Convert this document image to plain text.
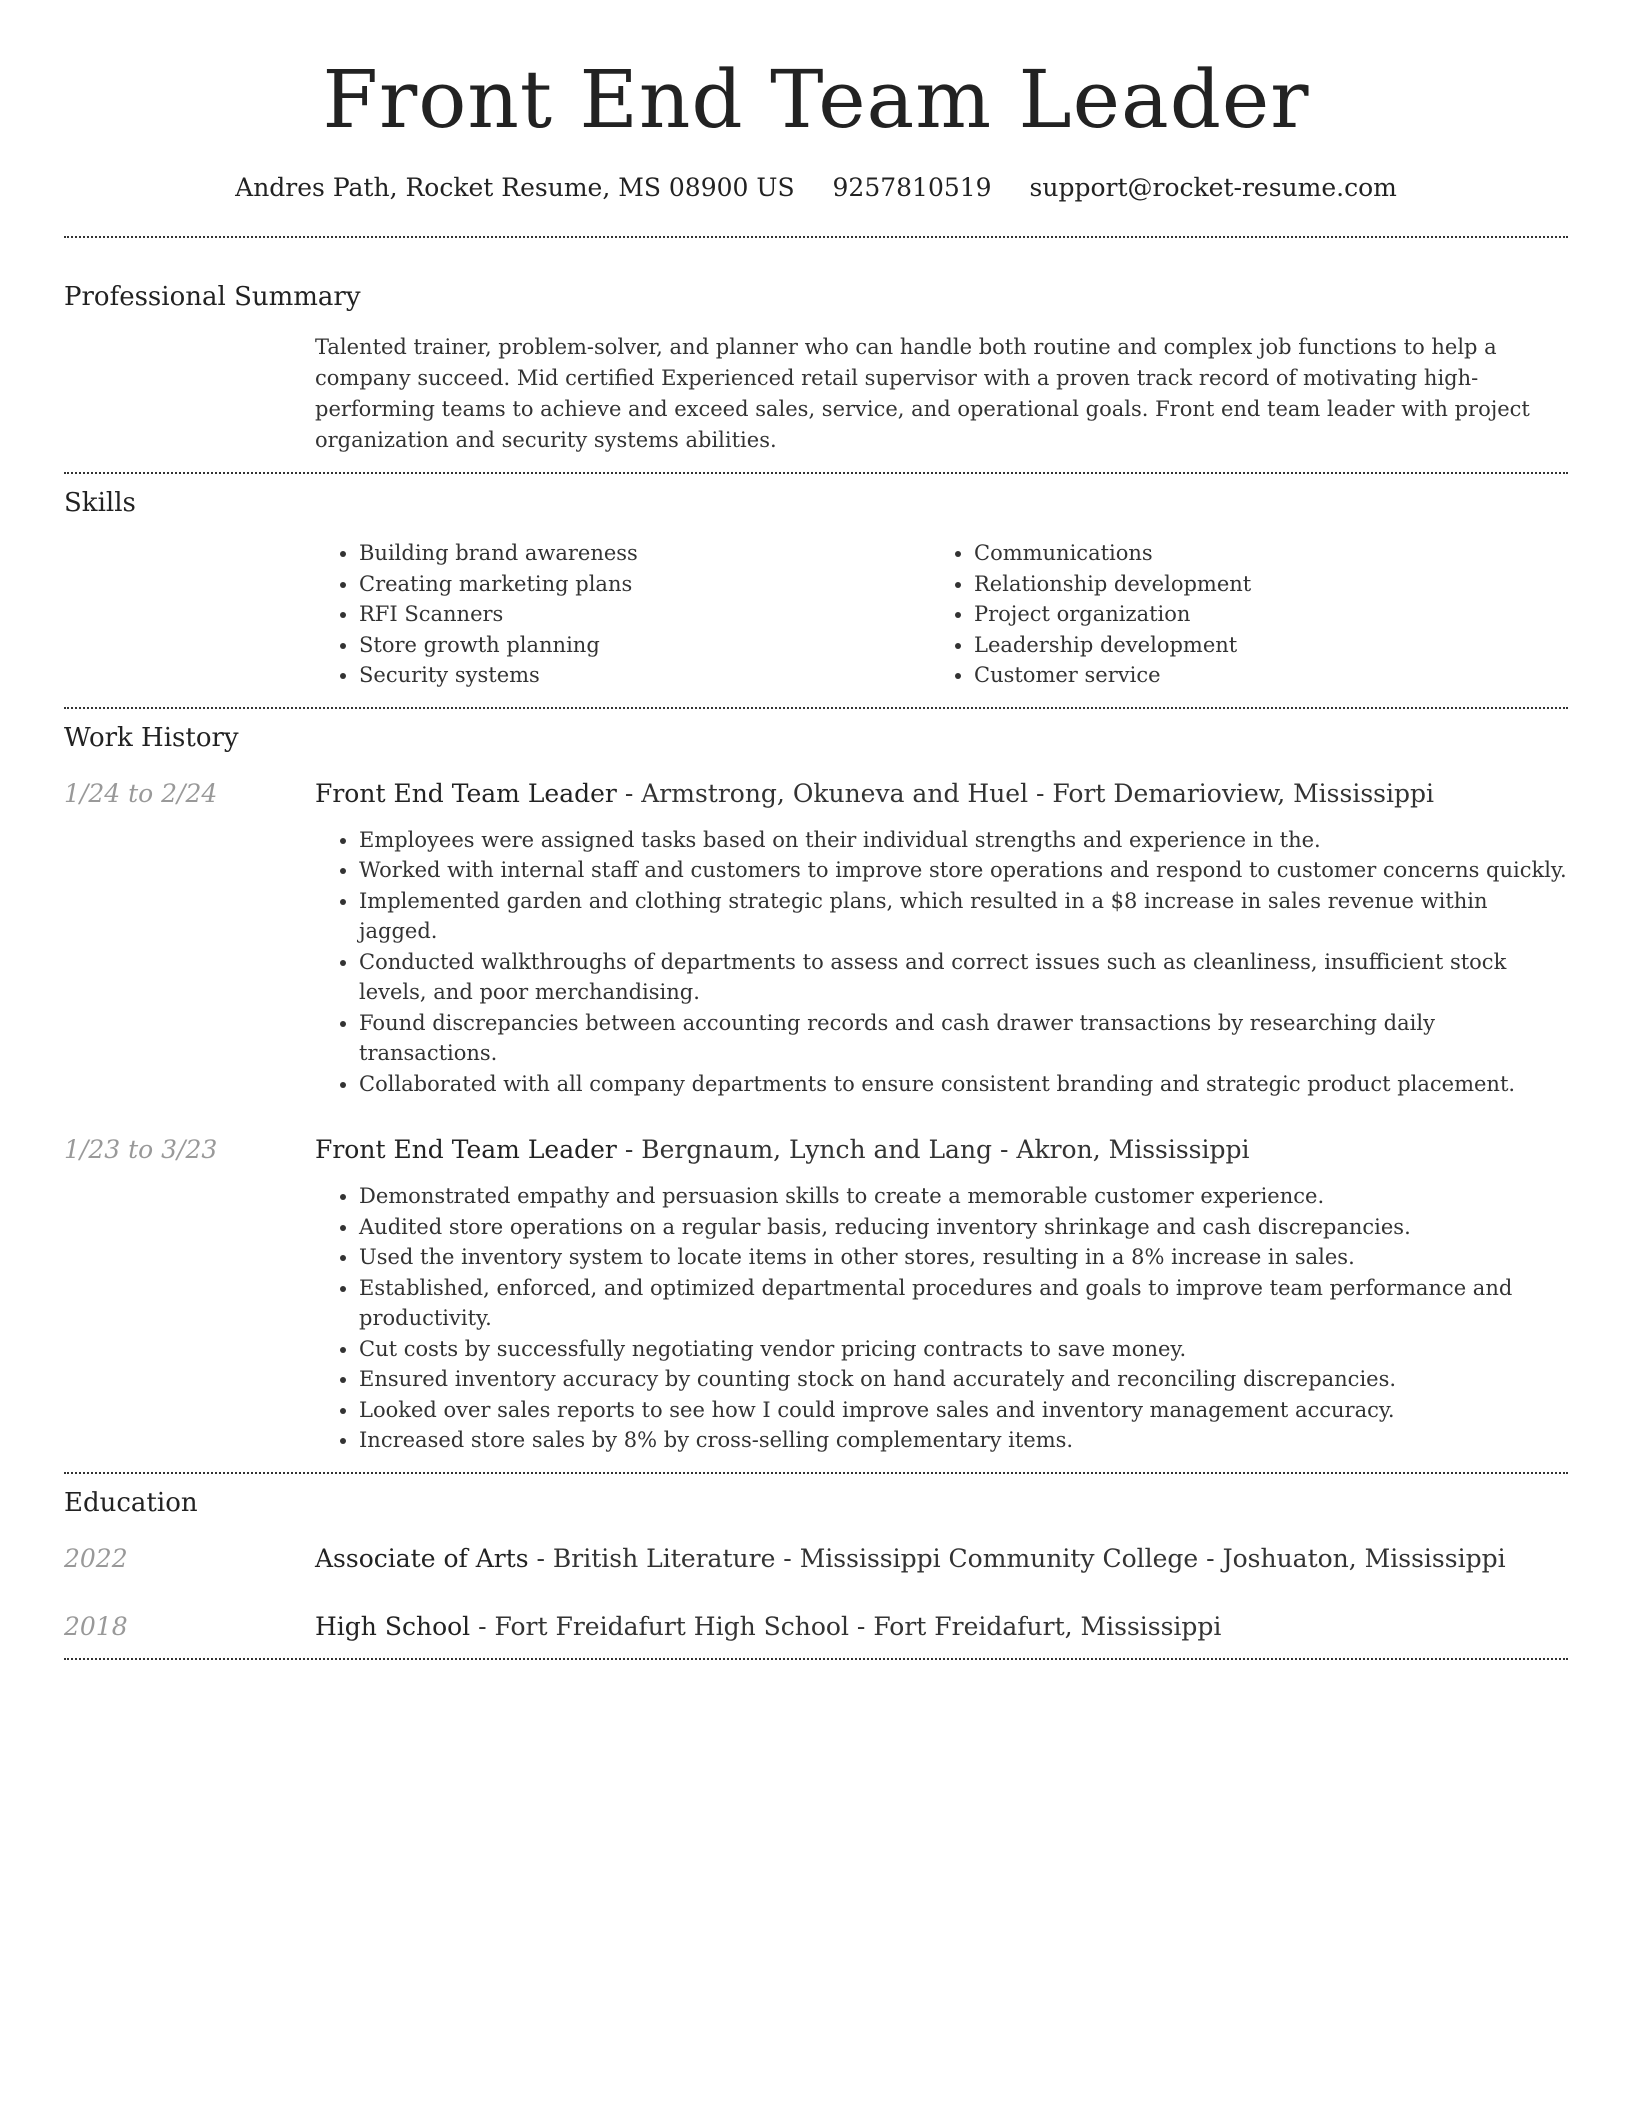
Front End Team Leader
Andres Path, Rocket Resume, MS 08900 US 9257810519 support@rocket-resume.com
Professional Summary

Talented trainer, problem-solver, and planner who can handle both routine and complex job functions to help a company succeed. Mid certified Experienced retail supervisor with a proven track record of motivating high-performing teams to achieve and exceed sales, service, and operational goals. Front end team leader with project organization and security systems abilities.

Skills
• Building brand awareness
• Creating marketing plans
• RFI Scanners
• Store growth planning
• Security systems
• Communications
• Relationship development
• Project organization
• Leadership development
• Customer service
Work History
1/24 to 2/24	Front End Team Leader - Armstrong, Okuneva and Huel - Fort Demarioview, Mississippi
• Employees were assigned tasks based on their individual strengths and experience in the.
• Worked with internal staff and customers to improve store operations and respond to customer concerns quickly.
• Implemented garden and clothing strategic plans, which resulted in a $8 increase in sales revenue within jagged.
• Conducted walkthroughs of departments to assess and correct issues such as cleanliness, insufficient stock levels, and poor merchandising.
• Found discrepancies between accounting records and cash drawer transactions by researching daily transactions.
• Collaborated with all company departments to ensure consistent branding and strategic product placement.
1/23 to 3/23	Front End Team Leader - Bergnaum, Lynch and Lang - Akron, Mississippi
• Demonstrated empathy and persuasion skills to create a memorable customer experience.
• Audited store operations on a regular basis, reducing inventory shrinkage and cash discrepancies.
• Used the inventory system to locate items in other stores, resulting in a 8% increase in sales.
• Established, enforced, and optimized departmental procedures and goals to improve team performance and productivity.
• Cut costs by successfully negotiating vendor pricing contracts to save money.
• Ensured inventory accuracy by counting stock on hand accurately and reconciling discrepancies.
• Looked over sales reports to see how I could improve sales and inventory management accuracy.
• Increased store sales by 8% by cross-selling complementary items.
Education
2022	Associate of Arts - British Literature - Mississippi Community College - Joshuaton, Mississippi
2018	High School - Fort Freidafurt High School - Fort Freidafurt, Mississippi
